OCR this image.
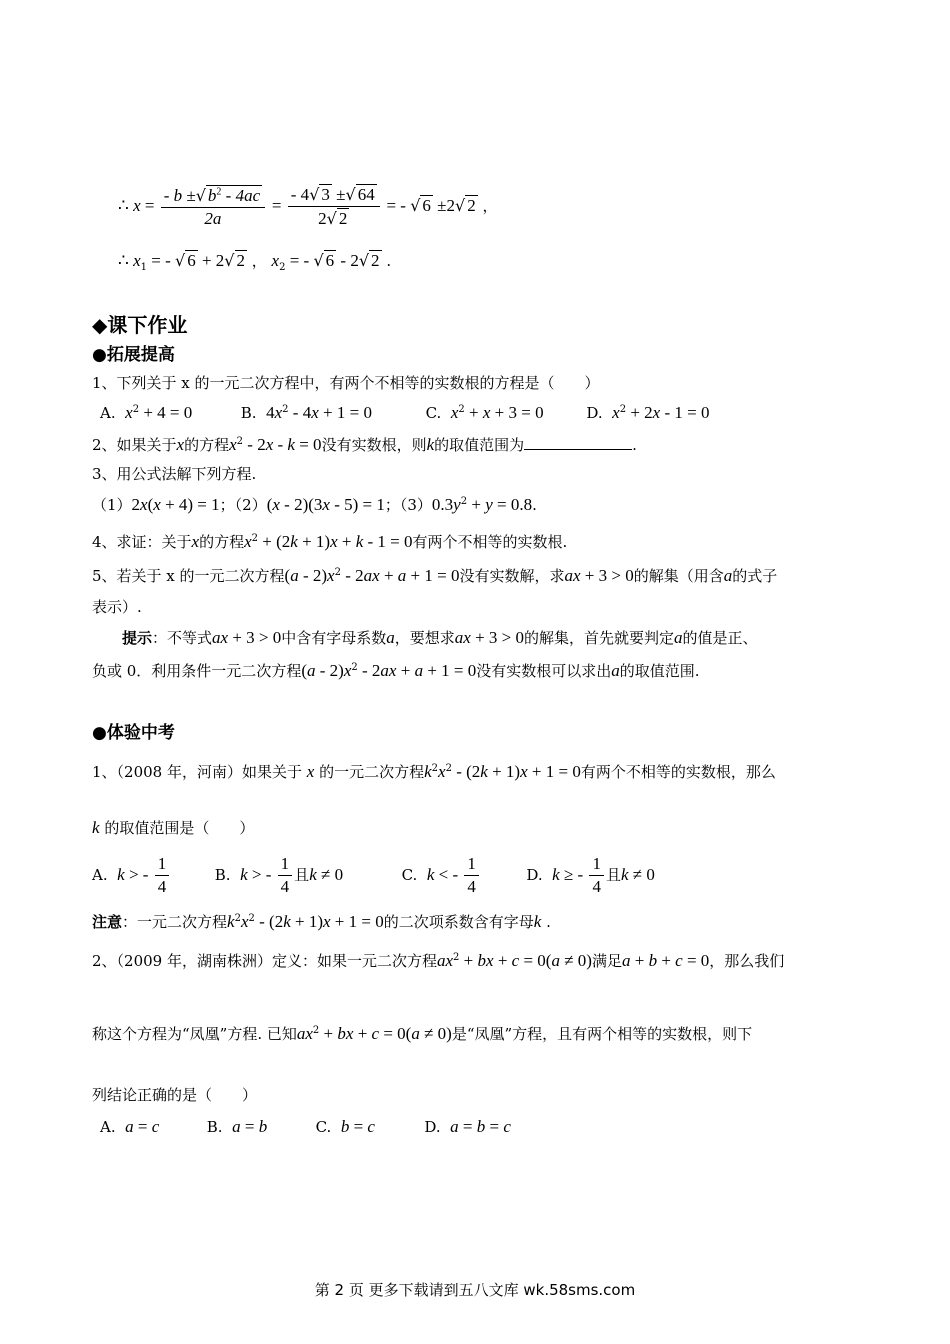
∴ $x = \frac{- b \pm√ b^2 - 4ac}{2a} = \frac{- 4√ 3 \pm√ 64}{2√ 2}$ = - √ 6 ±2√ 2 ，
∴ $x_1$ = - √ 6 + 2√ 2 ， $x_2$ = - √ 6 - 2√ 2 .
◆课下作业
●拓展提高
1、下列关于 x 的一元二次方程中，有两个不相等的实数根的方程是（　　）
A. $x^2 + 4 = 0$	B. $4x^2 - 4x + 1 = 0$	C. $x^2 + x + 3 = 0$	D. $x^2 + 2x - 1 = 0$
2、如果关于x的方程$x^2 - 2x - k = 0$没有实数根，则k的取值范围为	.
3、用公式法解下列方程.
（1）2x(x + 4) = 1；（2）(x - 2)(3x - 5) = 1；$(3)0.3y^2 + y = 0.8$.
4、求证：关于x的方程$x^2 + (2k + 1)x + k - 1 = 0$有两个不相等的实数根.
5、若关于 x 的一元二次方程$(a - 2)x^2 - 2ax + a + 1 = 0$没有实数解，求ax + 3 > 0的解集（用含a的式子
表示）.
提示：不等式ax + 3 > 0中含有字母系数a，要想求ax + 3 > 0的解集，首先就要判定a的值是正、
负或 0．利用条件一元二次方程$(a - 2)x^2 - 2ax + a + 1 = 0$没有实数根可以求出a的取值范围.
●体验中考
1、（2008 年，河南）如果关于 x 的一元二次方程$k^2x^2 - (2k + 1)x + 1 = 0$有两个不相等的实数根，那么
k 的取值范围是（　　）
A. k > - $\frac{1}{4}$	B. k > - $\frac{1}{4}$ 且k ≠ 0	C. k < - $\frac{1}{4}$	D. k ≥ - $\frac{1}{4}$ 且k ≠ 0
注意：一元二次方程$k^2x^2 - (2k + 1)x + 1 = 0$的二次项系数含有字母k .
2、（2009 年，湖南株洲）定义：如果一元二次方程$ax^2$ + bx + c = 0(a ≠ 0)满足a + b + c = 0，那么我们
称这个方程为“凤凰”方程. 已知$ax^2$ + bx + c = 0(a ≠ 0)是“凤凰”方程，且有两个相等的实数根，则下
列结论正确的是（　　）
A. a = c	B. a = b	C. b = c	D. a = b = c
第 2 页 更多下载请到五八文库 wk.58sms.com
